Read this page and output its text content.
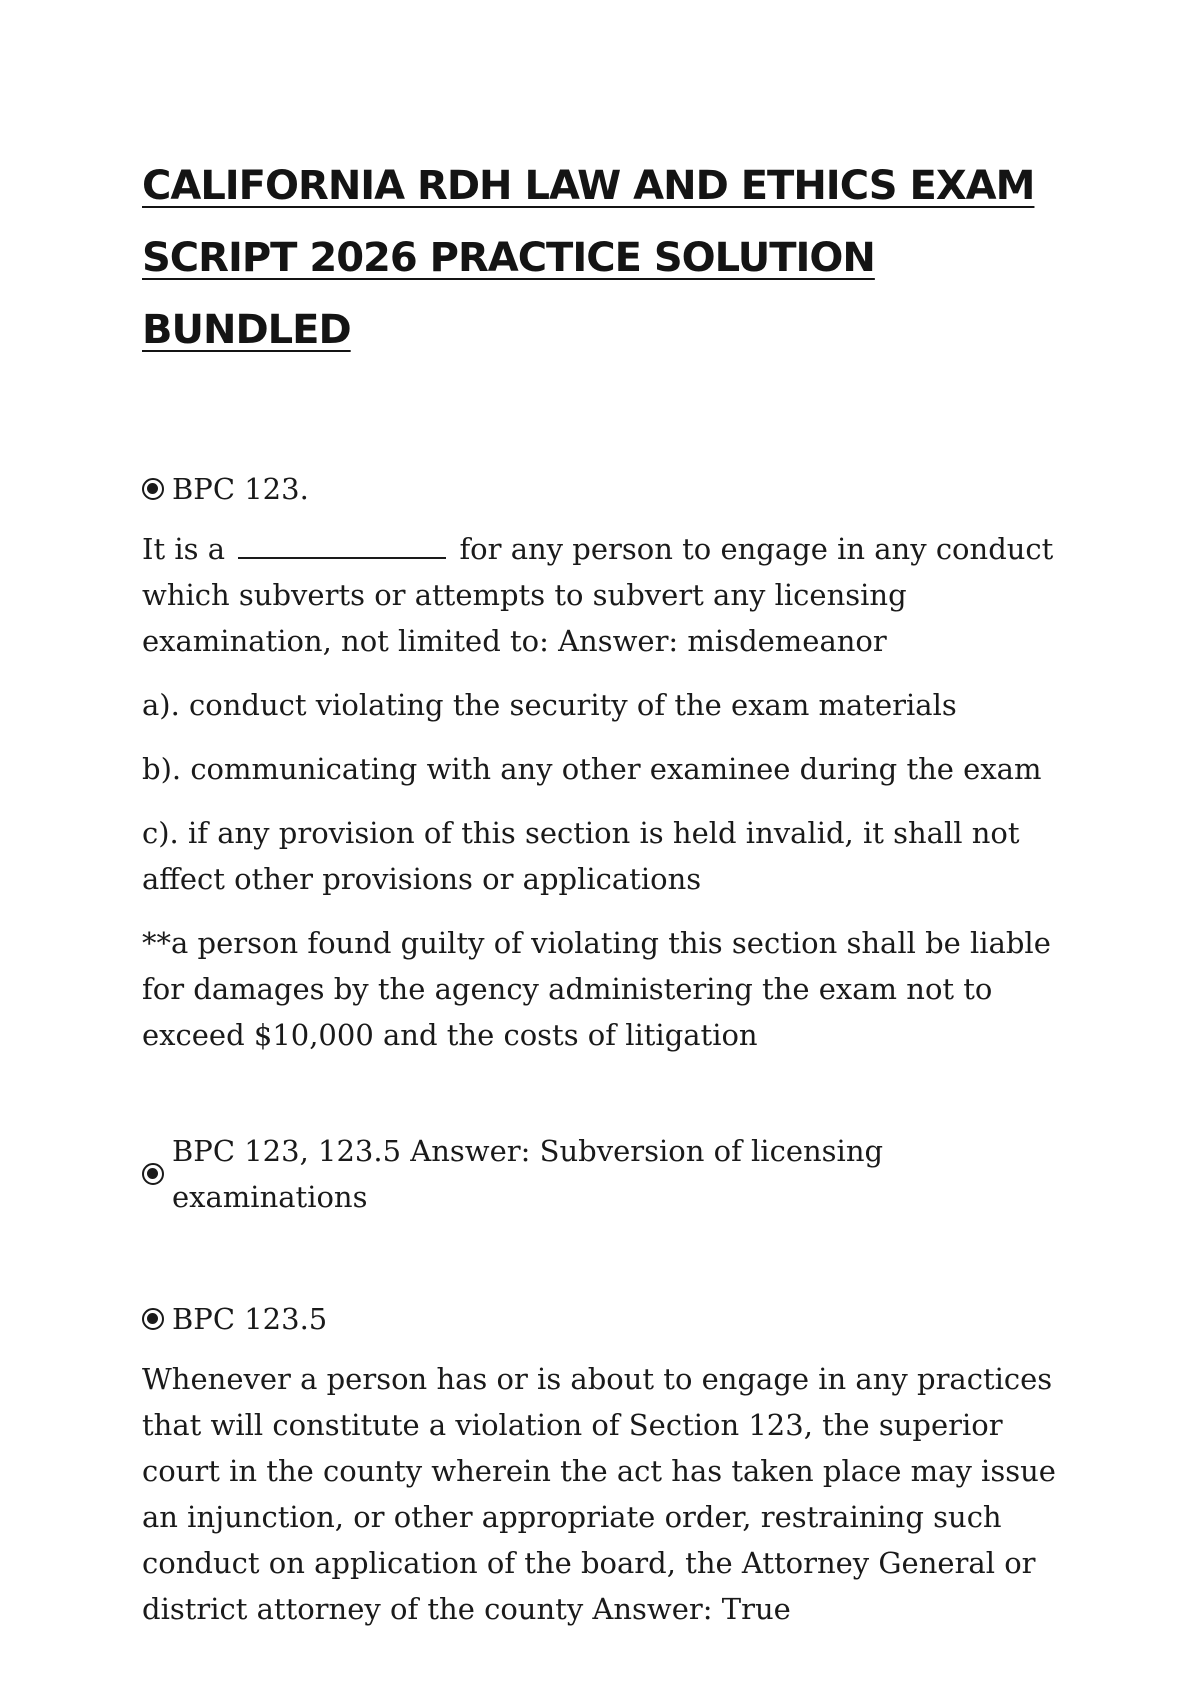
CALIFORNIA RDH LAW AND ETHICS EXAM
SCRIPT 2026 PRACTICE SOLUTION BUNDLED
BPC 123.

It is a	for any person to engage in any conduct which subverts or attempts to subvert any licensing examination, not limited to: Answer: misdemeanor

a). conduct violating the security of the exam materials

b). communicating with any other examinee during the exam

c). if any provision of this section is held invalid, it shall not affect other provisions or applications

**a person found guilty of violating this section shall be liable for damages by the agency administering the exam not to exceed $10,000 and the costs of litigation

BPC 123, 123.5 Answer: Subversion of licensing examinations
BPC 123.5

Whenever a person has or is about to engage in any practices that will constitute a violation of Section 123, the superior court in the county wherein the act has taken place may issue an injunction, or other appropriate order, restraining such conduct on application of the board, the Attorney General or district attorney of the county Answer: True
